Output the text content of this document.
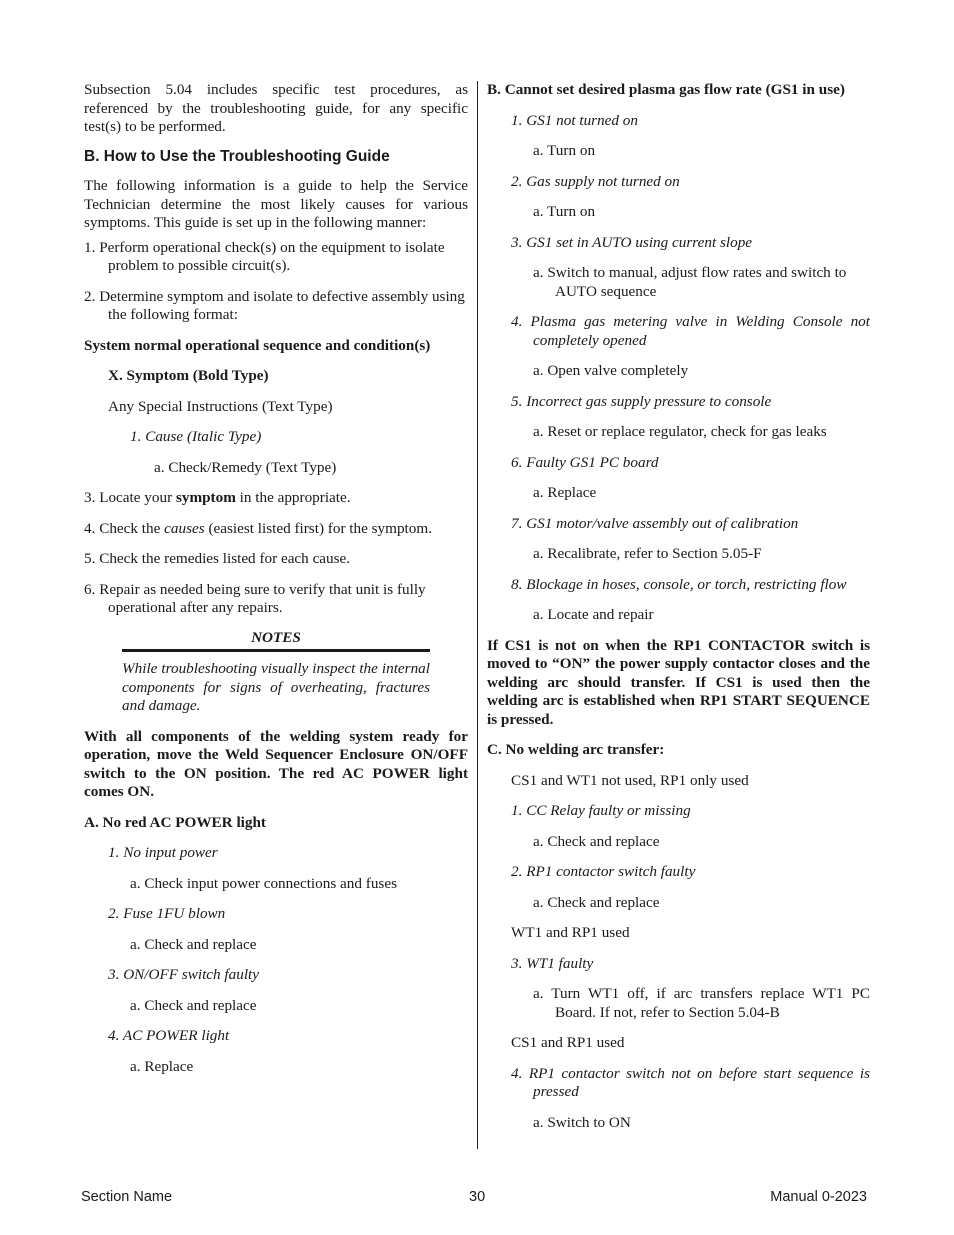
Subsection 5.04 includes specific test procedures, as referenced by the troubleshooting guide, for any specific test(s) to be performed.

B. How to Use the Troubleshooting Guide

The following information is a guide to help the Service Technician determine the most likely causes for various symptoms. This guide is set up in the following manner:

1. Perform operational check(s) on the equipment to isolate problem to possible circuit(s).

2. Determine symptom and isolate to defective assembly using the following format:

System normal operational sequence and condition(s)

X. Symptom (Bold Type)

Any Special Instructions (Text Type)

1. Cause (Italic Type)

a. Check/Remedy (Text Type)

3. Locate your symptom in the appropriate.

4. Check the causes (easiest listed first) for the symptom.

5. Check the remedies listed for each cause.

6. Repair as needed being sure to verify that unit is fully operational after any repairs.

NOTES

While troubleshooting visually inspect the internal components for signs of overheating, fractures and damage.

With all components of the welding system ready for operation, move the Weld Sequencer Enclosure ON/OFF switch to the ON position. The red AC POWER light comes ON.

A. No red AC POWER light

1. No input power

a. Check input power connections and fuses

2. Fuse 1FU blown

a. Check and replace

3. ON/OFF switch faulty

a. Check and replace

4. AC POWER light

a. Replace

B. Cannot set desired plasma gas flow rate (GS1 in use)

1. GS1 not turned on

a. Turn on

2. Gas supply not turned on

a. Turn on

3. GS1 set in AUTO using current slope

a. Switch to manual, adjust flow rates and switch to AUTO sequence

4. Plasma gas metering valve in Welding Console not completely opened

a. Open valve completely

5. Incorrect gas supply pressure to console

a. Reset or replace regulator, check for gas leaks

6. Faulty GS1 PC board

a. Replace

7. GS1 motor/valve assembly out of calibration

a. Recalibrate, refer to Section 5.05-F

8. Blockage in hoses, console, or torch, restricting flow

a. Locate and repair

If CS1 is not on when the RP1 CONTACTOR switch is moved to “ON” the power supply contactor closes and the welding arc should transfer. If CS1 is used then the welding arc is established when RP1 START SEQUENCE is pressed.

C. No welding arc transfer:

CS1 and WT1 not used, RP1 only used

1. CC Relay faulty or missing

a. Check and replace

2. RP1 contactor switch faulty

a. Check and replace

WT1 and RP1 used

3. WT1 faulty

a. Turn WT1 off, if arc transfers replace WT1 PC Board. If not, refer to Section 5.04-B

CS1 and RP1 used

4. RP1 contactor switch not on before start sequence is pressed

a. Switch to ON

Section Name	30	Manual 0-2023
